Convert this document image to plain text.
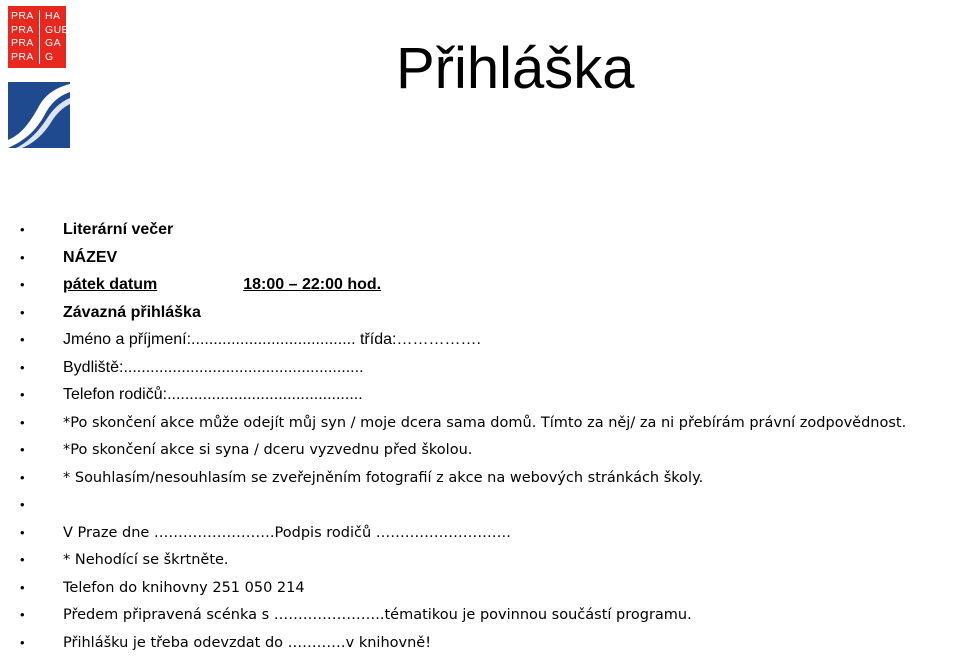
PRA	HA
PRA	GUE
PRA	GA
PRA	G	Přihláška
• Literární večer
• NÁZEV
• pátek datum	18:00 – 22:00 hod.
• Závazná přihláška
• Jméno a příjmení:..................................... třída:…………….
• Bydliště:......................................................
• Telefon rodičů:............................................
•	*Po skončení akce může odejít můj syn / moje dcera sama domů. Tímto za něj/ za ni přebírám právní zodpovědnost.
•	*Po skončení akce si syna / dceru vyzvednu před školou.
•	* Souhlasím/nesouhlasím se zveřejněním fotografií z akce na webových stránkách školy.
•
•	V Praze dne …………………….Podpis rodičů ……………………….
•	* Nehodící se škrtněte.
•	Telefon do knihovny 251 050 214
•	Předem připravená scénka s …………………..tématikou je povinnou součástí programu.
•	Přihlášku je třeba odevzdat do …………v knihovně!
